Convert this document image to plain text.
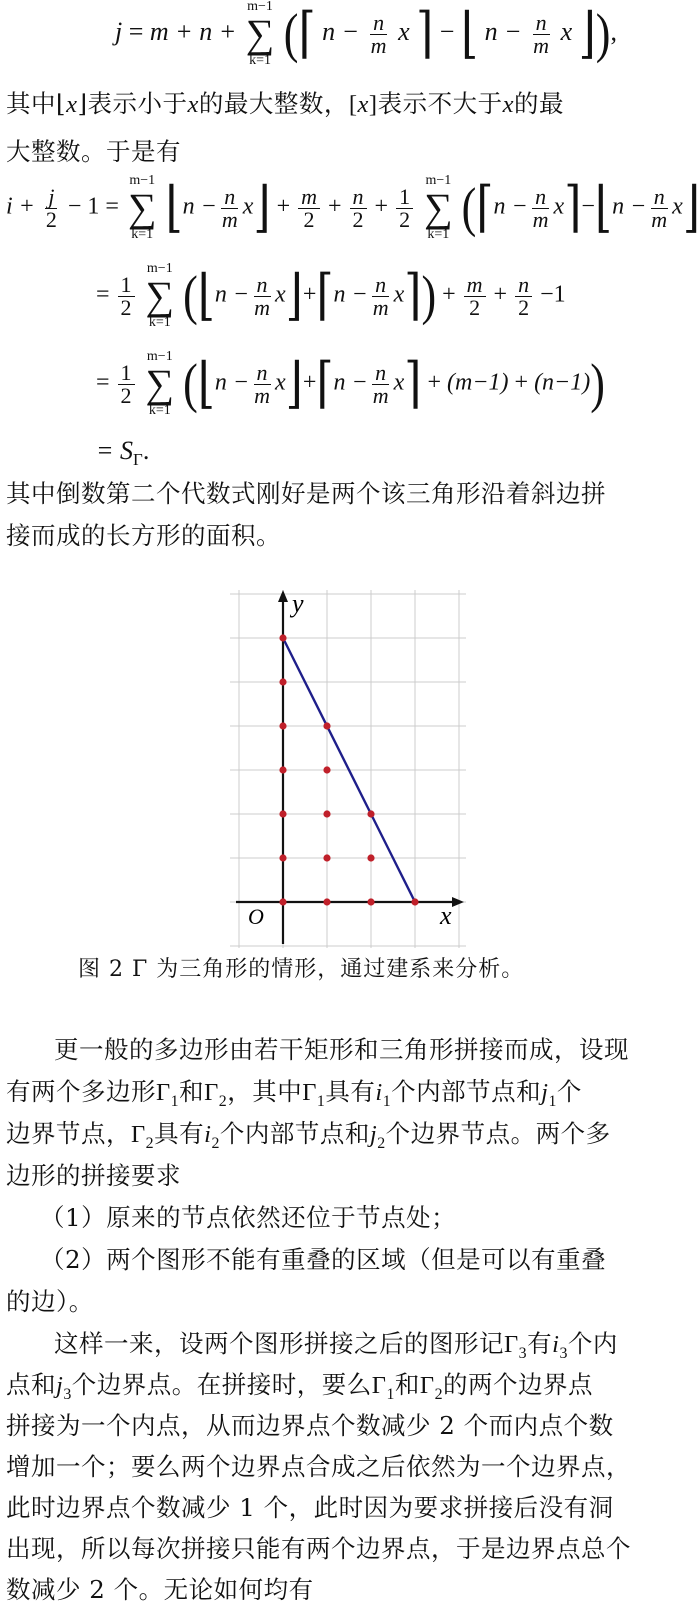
j = m + n +
m−1
∑
k=1 (⌈ $n - \frac{n}{m}$ x ⌉ − ⌊ $n - \frac{n}{m}$ x ⌋),
其中⌊x⌋表示小于x的最大整数，[x]表示不大于x的最
大整数。于是有
$i + \frac{j}{2} - 1$ =
m−1
∑
k=1 ⌊n − $\frac{n}{m}$ x⌋ + $\frac{m}{2} + \frac{n}{2} + \frac{1}{2}$

m−1
∑
k=1 (⌈n − $\frac{n}{m}$ x⌉−⌊n − $\frac{n}{m}$ x⌋
= $\frac{1}{2}$

m−1
∑
k=1 (⌊n − $\frac{n}{m}$ x⌋+⌈n − $\frac{n}{m}$ x⌉) + $\frac{m}{2} + \frac{n}{2} -1$
= $\frac{1}{2}$

m−1
∑
k=1 (⌊n − $\frac{n}{m}$ x⌋+⌈n − $\frac{n}{m}$ x⌉ + (m−1) + (n−1))
= $S_\Gamma$.
其中倒数第二个代数式刚好是两个该三角形沿着斜边拼
接而成的长方形的面积。
y
x
O
图 2 Γ 为三角形的情形，通过建系来分析。
更一般的多边形由若干矩形和三角形拼接而成，设现
有两个多边形$\Gamma_1$和$\Gamma_2$，其中$\Gamma_1$具有$i_1$个内部节点和$j_1$个
边界节点，$\Gamma_2$具有$i_2$个内部节点和$j_2$个边界节点。两个多
边形的拼接要求
（1）原来的节点依然还位于节点处；
（2）两个图形不能有重叠的区域（但是可以有重叠
的边）。
这样一来，设两个图形拼接之后的图形记$\Gamma_3$有$i_3$个内
点和$j_3$个边界点。在拼接时，要么$\Gamma_1$和$\Gamma_2$的两个边界点
拼接为一个内点，从而边界点个数减少 2 个而内点个数
增加一个；要么两个边界点合成之后依然为一个边界点，
此时边界点个数减少 1 个，此时因为要求拼接后没有洞
出现，所以每次拼接只能有两个边界点，于是边界点总个
数减少 2 个。无论如何均有
